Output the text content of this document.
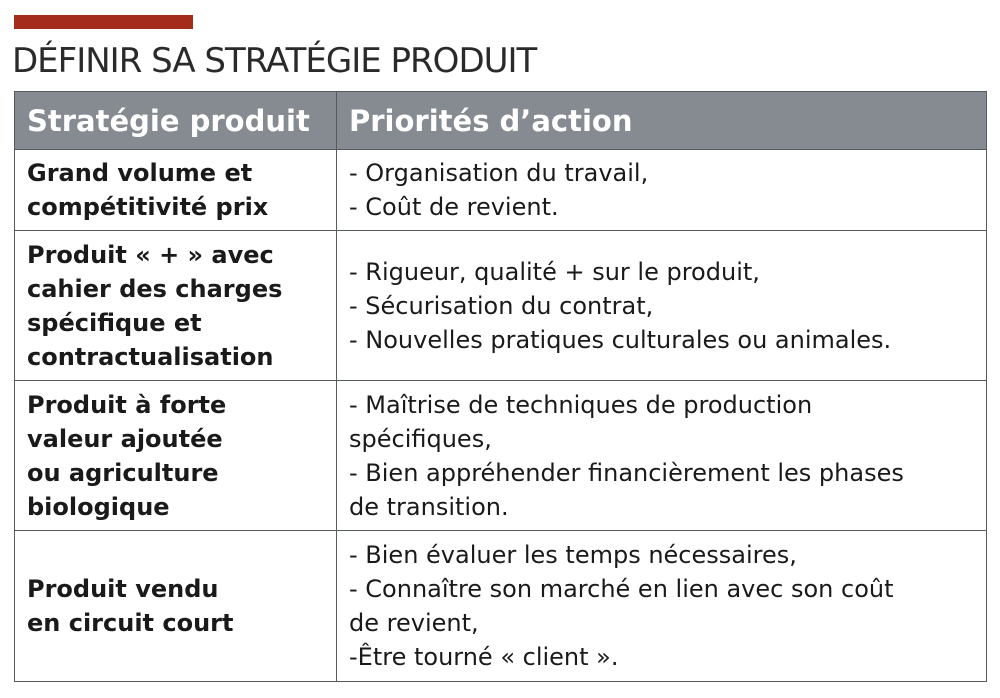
DÉFINIR SA STRATÉGIE PRODUIT
Stratégie produit	Priorités d’action

Grand volume et
compétitivité prix	- Organisation du travail,
- Coût de revient.

Produit « + » avec
cahier des charges
spécifique et
contractualisation	- Rigueur, qualité + sur le produit,
- Sécurisation du contrat,
- Nouvelles pratiques culturales ou animales.

Produit à forte
valeur ajoutée
ou agriculture
biologique	- Maîtrise de techniques de production
spécifiques,
- Bien appréhender financièrement les phases
de transition.

Produit vendu
en circuit court	- Bien évaluer les temps nécessaires,
- Connaître son marché en lien avec son coût
de revient,
-Être tourné « client ».
